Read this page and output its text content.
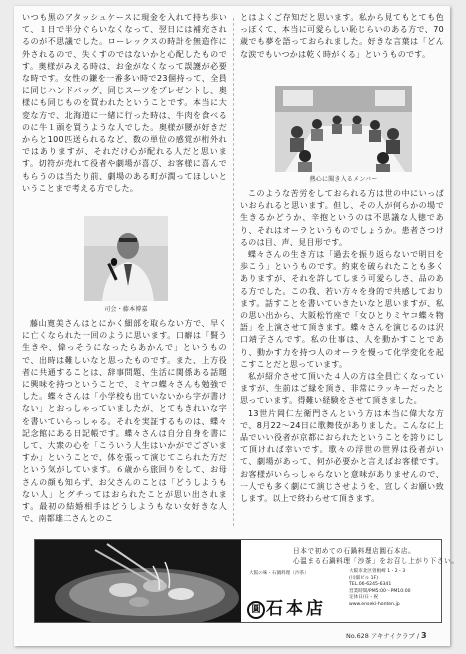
いつも黒のアタッシュケースに現金を入れて持ち歩いて、１日で半分ぐらいなくなって、翌日には補充されるのが不思議でした。ローレックスの時計を無造作に外されるので、失くすのではないかと心配したものです。奥様がみえる時は、お金がなくなって誤護が必要な時です。女性の鎌を一番多い時で23個持って、全員に同じハンドバッグ、同じスーツをプレゼントし、奥様にも同じものを買われたということです。本当に大変な方で、北海道に一緒に行った時は、牛肉を食べるのに牛１頭を買うような人でした。奥様が腰が好きだからと100匹送られるなど、数の単位の感覚が桁外れではありますが、それだけ心が配れる人だと思います。切符が売れて役者や劇場が喜び、お客様に喜んでもらうのは当たり前、劇場のある町が潤ってほしいということまで考える方でした。

司会・藤本博嘉

藤山寛美さんはとにかく細部を取らない方で、早くに亡くなられた一回のように思います。口癖は「賢う生きや、偉っそうになったらあかんで」というもので、出時は難しいなと思ったものです。また、上方役者に共通することは、辞事問題、生活に関係ある話題に興味を持つということで、ミヤコ蝶々さんも勉強でした。蝶々さんは「小学校も出ていないから字が書けない」とおっしゃっていましたが、とてもきれいな字を書いていらっしゃる。それを実証するものは、蝶々記念館にある日記帳です。蝶々さんは自分自身を書にして、大衆の心を「こういう人生はいかがでございますか」ということで、体を張って演じてこられた方だという気がしています。６歳から旅回りをして、お母さんの顔も知らず、お父さんのことは「どうしようもない人」とグチってはおられたことが思い出されます。最初の結婚相手はどうしようもない女好きな人で、南都雄二さんとのこ

とはよくご存知だと思います。私から見てもとても色っぽくて、本当に可愛らしい恥じらいのある方で、70歳でも夢を語っておられました。好きな言葉は「どんな涙でもいつかは乾く時がくる」というものです。

熱心に聞き入るメンバー

このような苦労をしておられる方は世の中にいっぱいおられると思います。但し、その人が何らかの場で生きるかどうか、辛抱というのは不思議な人徳であり、それはオーラというものでしょうか。患者さつけるのは目、声、見目形です。

蝶々さんの生き方は「過去を振り返らないで明日を歩こう」というものです。約束を破られたことも多くありますが、それを許してしまう可愛らしさ、品のある方でした。この我、若い方々を身的で共感しております。話すことを書いていきたいなと思いますが、私の思い出から、大阪松竹座で「女ひとりミヤコ蝶々物語」を上演させて頂きます。蝶々さんを演じるのは沢口靖子さんです。私の仕事は、人を動かすことであり、動かす力を持つ人のオーラを慢って化学変化を起こすことだと思っています。

私が紹介させて頂いた４人の方は全員亡くなっていますが、生前はご縁を頂き、非常にラッキーだったと思っています。得難い経験をさせて頂きました。

13世片岡仁左衛門さんという方は本当に偉大な方で、8月22〜24日に歌舞伎がありました。こんなに上品でいい役者が京都におられたということを誇りにして頂ければ幸いです。歌々の浮世の世界は役者がいて、劇場があって、何が必要かと言えばお客様です。お客様がいらっしゃらないと意味がありませんので、一人でも多く劇にて演じさせようを、宣しくお願い致します。以上で終わらせて頂きます。

日本で初めての石鍋料理店圓石本店。
心温まる石鍋料理「沙茶」をお召し上がり下さい。
大阪の味・石鍋料理（沙茶）
圓 石本店
大阪市北区曽根崎 1・2・3
(川畑ビル 1F)
TEL.06-6245-6341
営業時間/PM5:00〜PM10:00
定休日/日・祝
www.enseki-honten.jp
No.628 アキナイクラブ / 3
